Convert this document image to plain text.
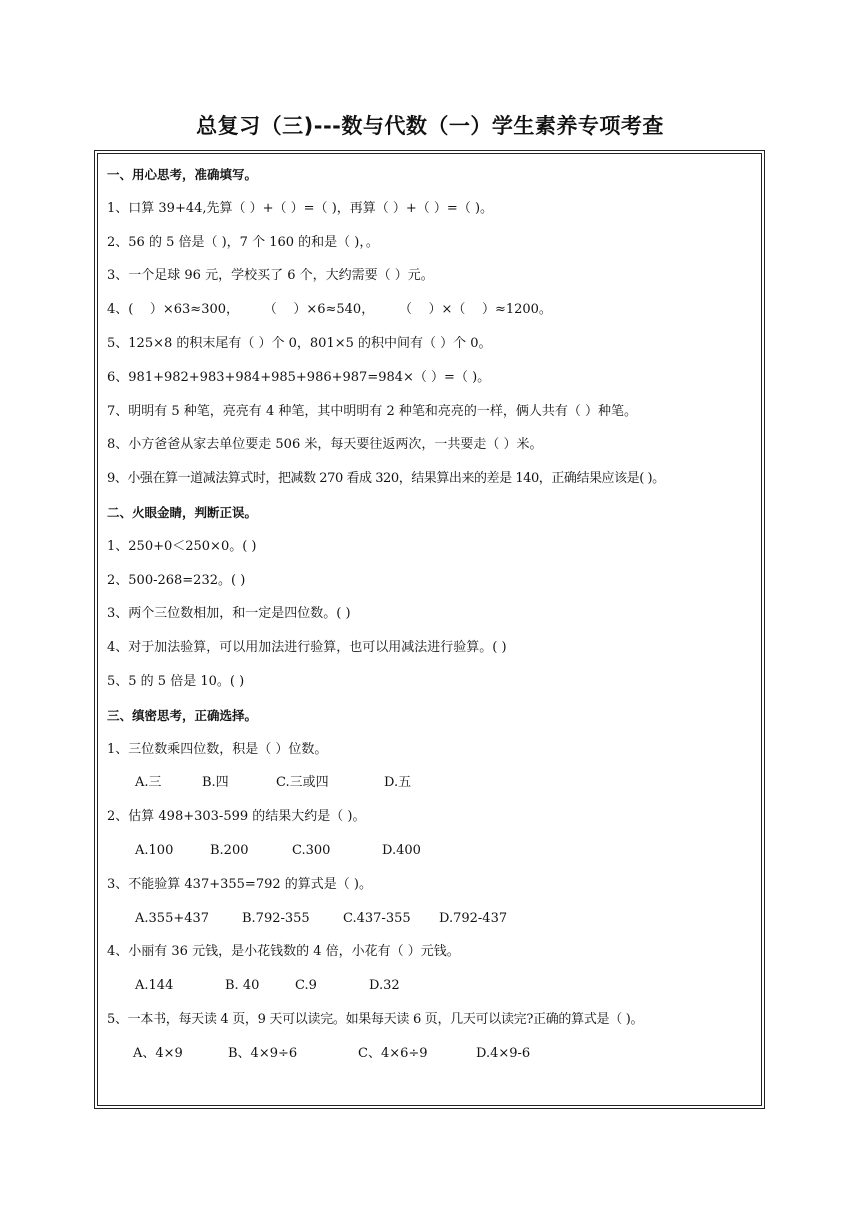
总复习（三)---数与代数（一）学生素养专项考查
一、用心思考，准确填写。
1、口算 39+44,先算（ ）+（ ）=（ )，再算（ ）+（ ）=（ )。
2、56 的 5 倍是（ )，7 个 160 的和是（ )，。
3、一个足球 96 元，学校买了 6 个，大约需要（ ）元。
4、(    ）×63≈300，      （    ）×6≈540，      （    ）×（    ）≈1200。
5、125×8 的积末尾有（ ）个 0，801×5 的积中间有（ ）个 0。
6、981+982+983+984+985+986+987=984×（ ）=（ )。
7、明明有 5 种笔，亮亮有 4 种笔，其中明明有 2 种笔和亮亮的一样，俩人共有（ ）种笔。
8、小方爸爸从家去单位要走 506 米，每天要往返两次，一共要走（ ）米。
9、小强在算一道减法算式时，把减数 270 看成 320，结果算出来的差是 140，正确结果应该是( )。
二、火眼金睛，判断正误。
1、250+0＜250×0。( )
2、500-268=232。( )
3、两个三位数相加，和一定是四位数。( )
4、对于加法验算，可以用加法进行验算，也可以用减法进行验算。( )
5、5 的 5 倍是 10。( )
三、缜密思考，正确选择。
1、三位数乘四位数，积是（ ）位数。
A.三	B.四	C.三或四	D.五
2、估算 498+303-599 的结果大约是（ )。
A.100	B.200	C.300	D.400
3、不能验算 437+355=792 的算式是（ )。
A.355+437	B.792-355	C.437-355 D.792-437
4、小丽有 36 元钱，是小花钱数的 4 倍，小花有（ ）元钱。
A.144	B. 40	C.9	D.32
5、一本书，每天读 4 页，9 天可以读完。如果每天读 6 页，几天可以读完?正确的算式是（ )。
A、4×9	B、4×9÷6	C、4×6÷9	D.4×9-6
